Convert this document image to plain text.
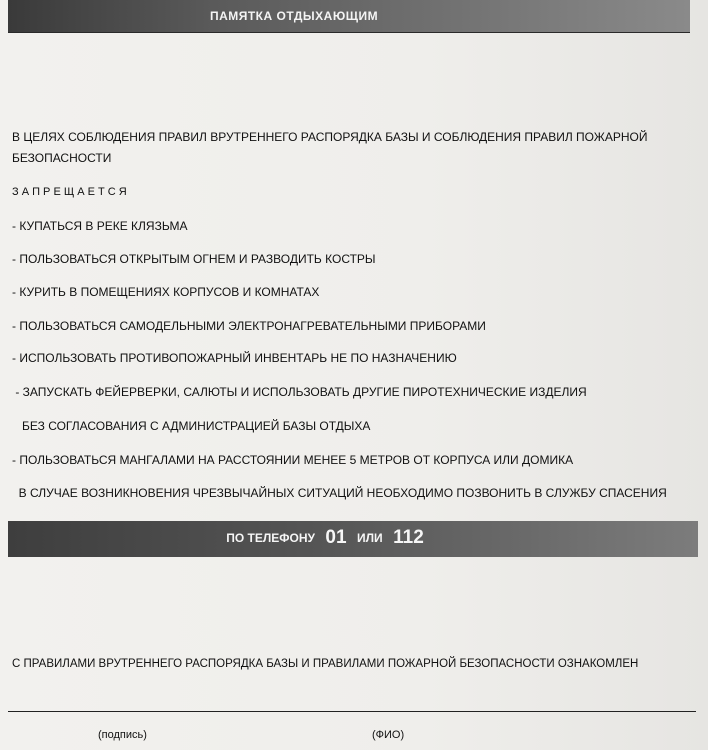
ПАМЯТКА ОТДЫХАЮЩИМ
В ЦЕЛЯХ СОБЛЮДЕНИЯ ПРАВИЛ ВРУТРЕННЕГО РАСПОРЯДКА БАЗЫ И СОБЛЮДЕНИЯ ПРАВИЛ ПОЖАРНОЙ
БЕЗОПАСНОСТИ
З А П Р Е Щ А Е Т С Я
- КУПАТЬСЯ В РЕКЕ КЛЯЗЬМА
- ПОЛЬЗОВАТЬСЯ ОТКРЫТЫМ ОГНЕМ И РАЗВОДИТЬ КОСТРЫ
- КУРИТЬ В ПОМЕЩЕНИЯХ КОРПУСОВ И КОМНАТАХ
- ПОЛЬЗОВАТЬСЯ САМОДЕЛЬНЫМИ ЭЛЕКТРОНАГРЕВАТЕЛЬНЫМИ ПРИБОРАМИ
- ИСПОЛЬЗОВАТЬ ПРОТИВОПОЖАРНЫЙ ИНВЕНТАРЬ НЕ ПО НАЗНАЧЕНИЮ
- ЗАПУСКАТЬ ФЕЙЕРВЕРКИ, САЛЮТЫ И ИСПОЛЬЗОВАТЬ ДРУГИЕ ПИРОТЕХНИЧЕСКИЕ ИЗДЕЛИЯ
БЕЗ СОГЛАСОВАНИЯ С АДМИНИСТРАЦИЕЙ БАЗЫ ОТДЫХА
- ПОЛЬЗОВАТЬСЯ МАНГАЛАМИ НА РАССТОЯНИИ МЕНЕЕ 5 МЕТРОВ ОТ КОРПУСА ИЛИ ДОМИКА
В СЛУЧАЕ ВОЗНИКНОВЕНИЯ ЧРЕЗВЫЧАЙНЫХ СИТУАЦИЙ НЕОБХОДИМО ПОЗВОНИТЬ В СЛУЖБУ СПАСЕНИЯ
ПО ТЕЛЕФОНУ 01 ИЛИ 112
С ПРАВИЛАМИ ВРУТРЕННЕГО РАСПОРЯДКА БАЗЫ И ПРАВИЛАМИ ПОЖАРНОЙ БЕЗОПАСНОСТИ ОЗНАКОМЛЕН
(подпись)	(ФИО)
